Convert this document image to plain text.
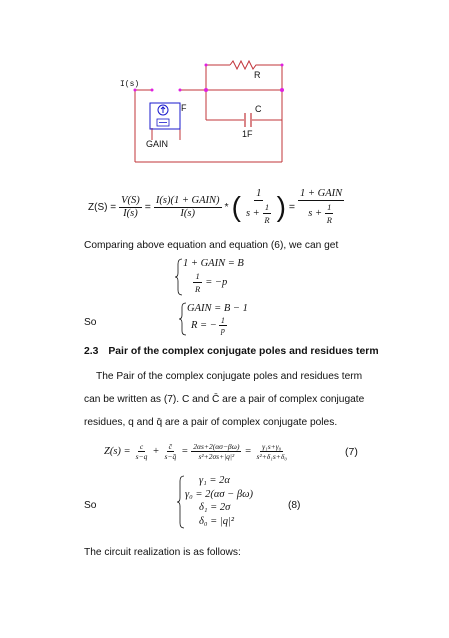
I(s)
R
C
1F
F
GAIN
$Z(S) = \frac{V(S)}{I(s)} = \frac{\text{I(s)(1 + GAIN)}}{I(s)}$ * ( $\frac{1}{s + \frac{1}{R}}$ ) = $\frac{\text{1 + GAIN}}{s + \frac{1}{R}}$
Comparing above equation and equation (6), we can get
1 + GAIN = B
$\frac{1}{R} = -p$
So
GAIN = B − 1
R = − $\frac{1}{p}$
2.3 Pair of the complex conjugate poles and residues term
The Pair of the complex conjugate poles and residues term
can be written as (7). C and C̄ are a pair of complex conjugate
residues, q and q̄ are a pair of complex conjugate poles.
$Z(s) = \frac{c}{s-q} + \frac{c̄}{s-q̄} = \frac{2\alpha s+2(\alpha\sigma-\beta\omega)}{\text{s²+2σs+|q|²}} = \frac{\text{γ₁s+γ₀}}{\text{s²+δ₁s+δ₀}}$	(7)
So
γ₁ = 2α
γ₀ = 2(ασ − βω)
δ₁ = 2σ
δ₀ = |q|²
(8)
The circuit realization is as follows:
